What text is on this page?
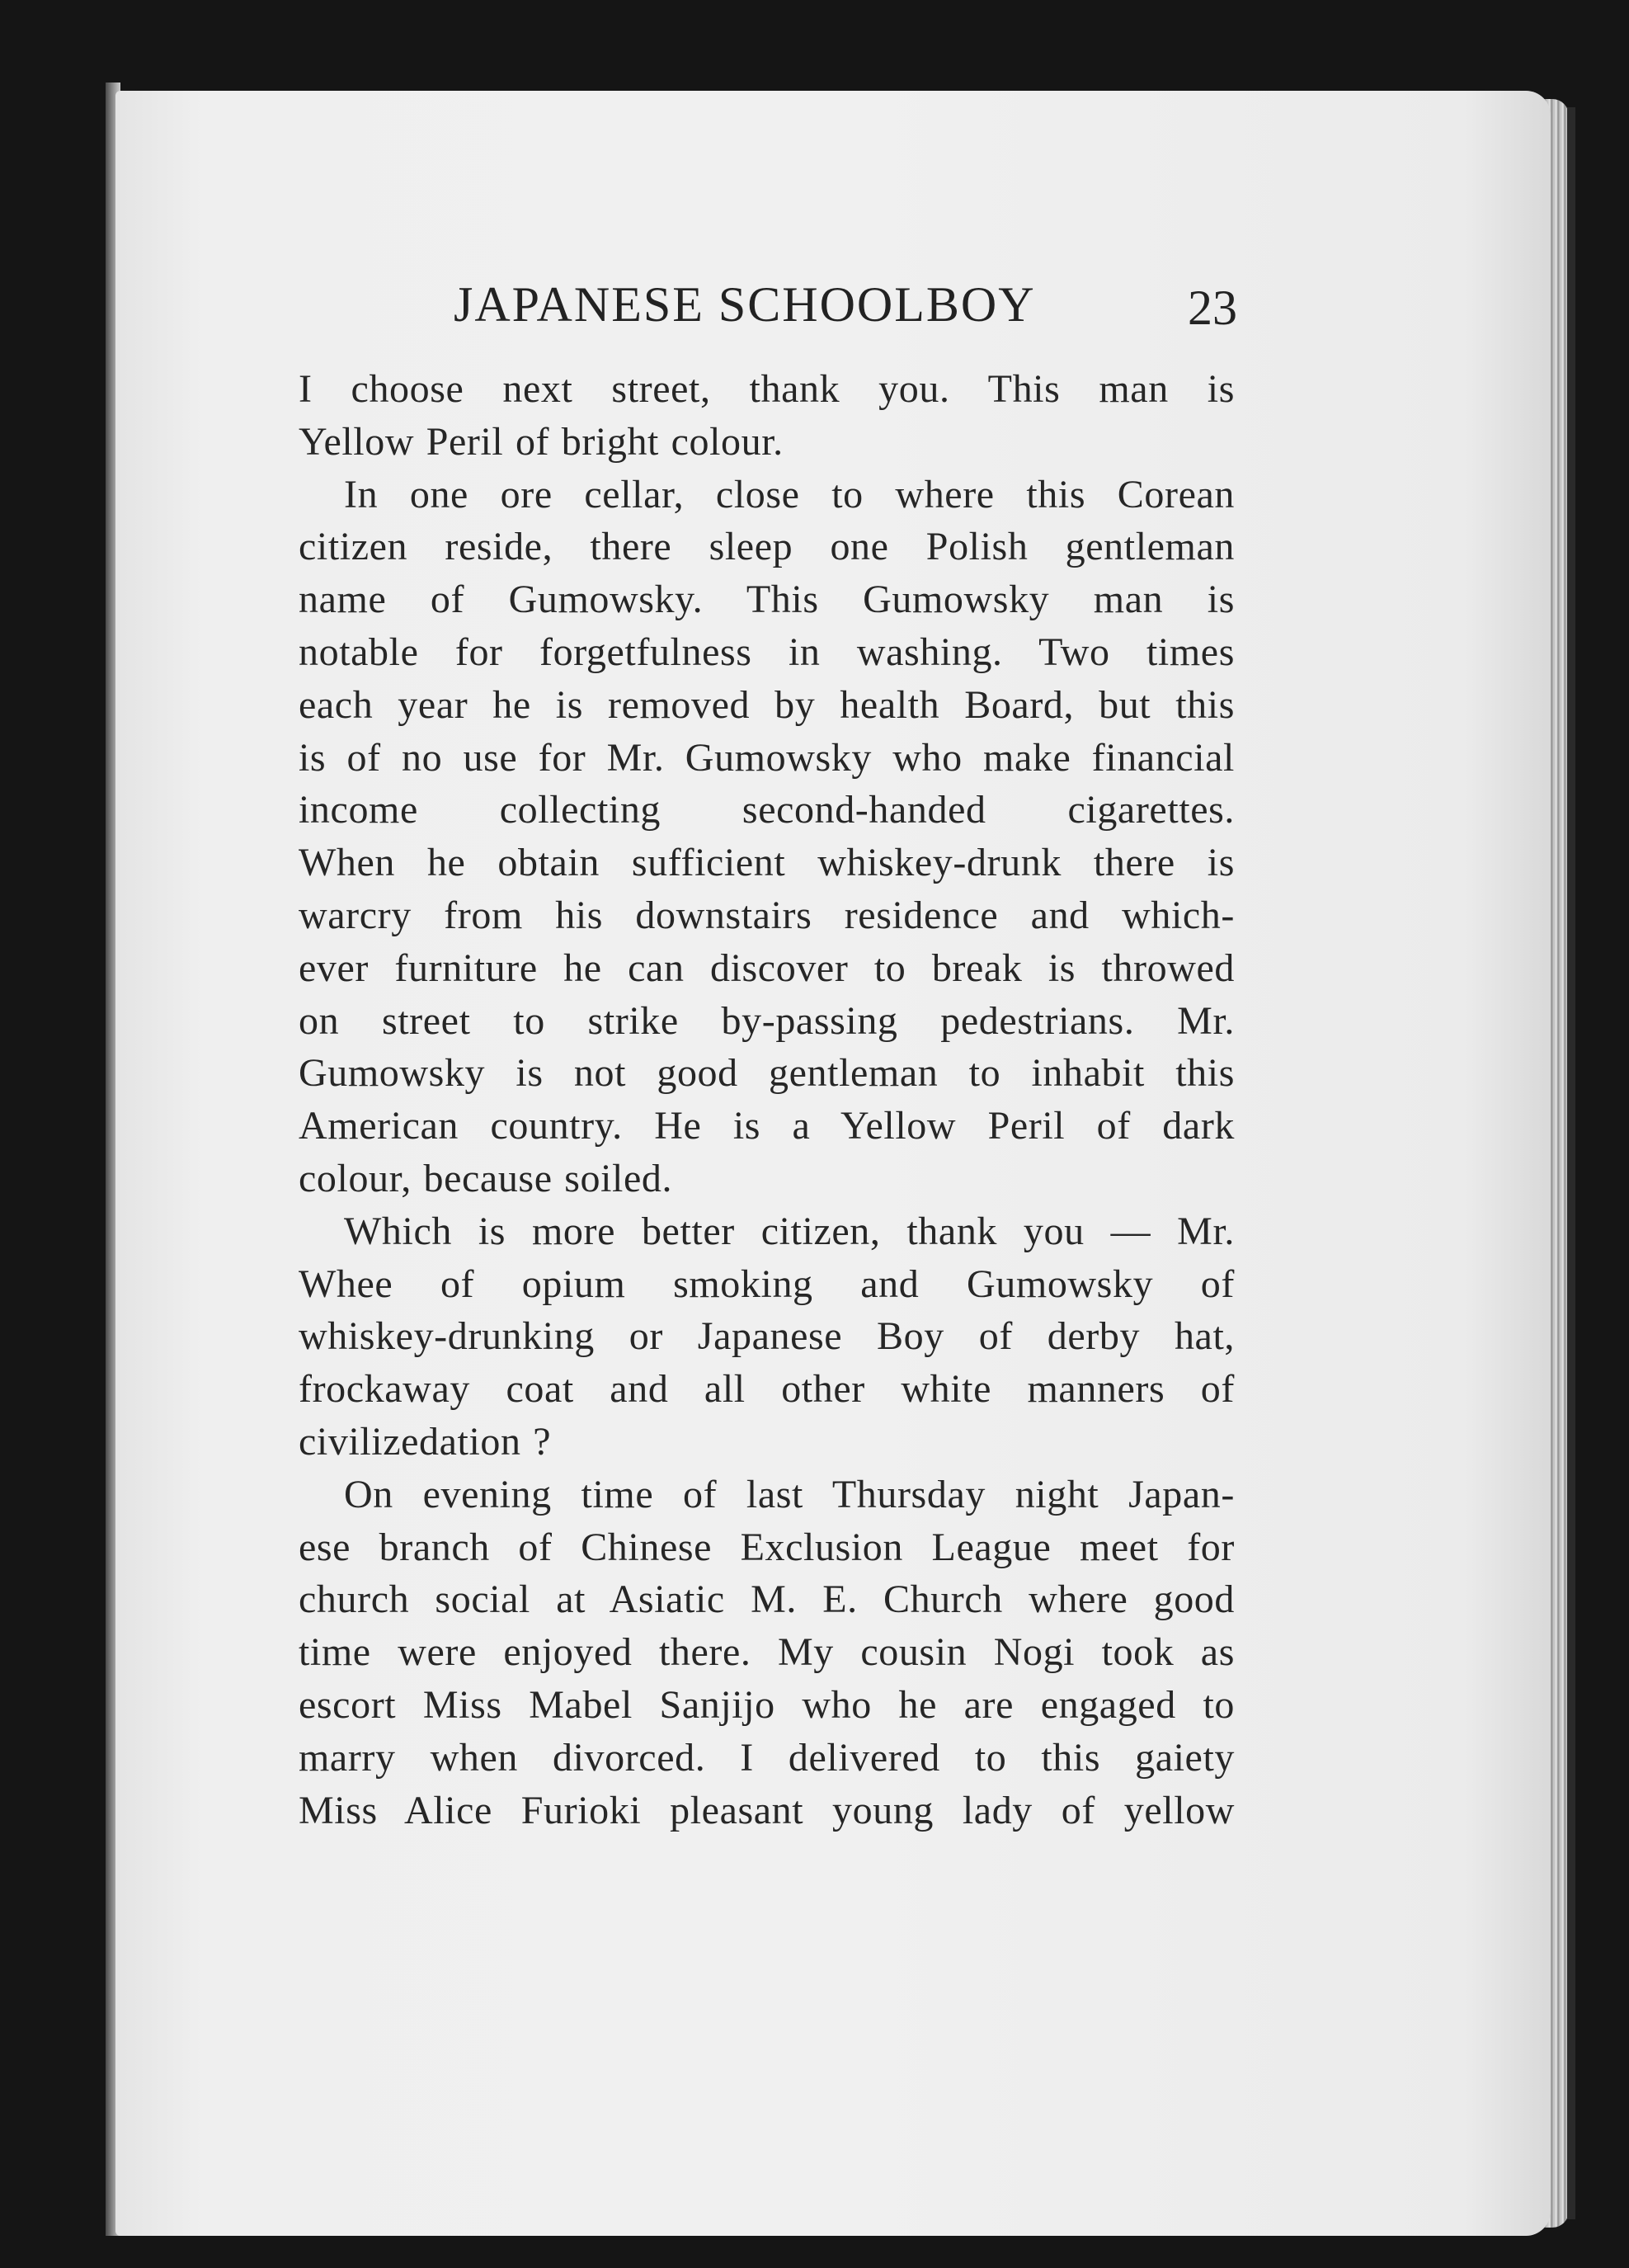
JAPANESE SCHOOLBOY	23
I choose next street, thank you. This man is
Yellow Peril of bright colour.
In one ore cellar, close to where this Corean
citizen reside, there sleep one Polish gentleman
name of Gumowsky. This Gumowsky man is
notable for forgetfulness in washing. Two times
each year he is removed by health Board, but this
is of no use for Mr. Gumowsky who make financial
income collecting second-handed cigarettes.
When he obtain sufficient whiskey-drunk there is
warcry from his downstairs residence and which-
ever furniture he can discover to break is throwed
on street to strike by-passing pedestrians. Mr.
Gumowsky is not good gentleman to inhabit this
American country. He is a Yellow Peril of dark
colour, because soiled.
Which is more better citizen, thank you — Mr.
Whee of opium smoking and Gumowsky of
whiskey-drunking or Japanese Boy of derby hat,
frockaway coat and all other white manners of
civilizedation ?
On evening time of last Thursday night Japan-
ese branch of Chinese Exclusion League meet for
church social at Asiatic M. E. Church where good
time were enjoyed there. My cousin Nogi took as
escort Miss Mabel Sanjijo who he are engaged to
marry when divorced. I delivered to this gaiety
Miss Alice Furioki pleasant young lady of yellow
